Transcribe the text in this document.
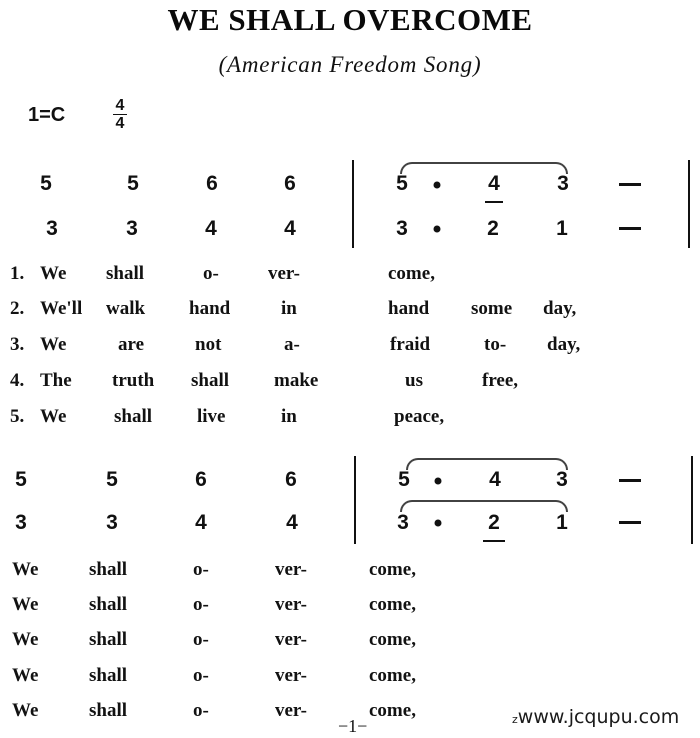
WE SHALL OVERCOME
(American Freedom Song)
1=C	$\frac{4}{4}$
5	5	6	6
3	3	4	4
5	4	3
3	2	1
1. We shall	o-	ver-	come,
2. We'll walk hand	in	hand some day,
3. We	are	not	a-	fraid	to- day,
4. The truth shall make	us	free,
5. We	shall live	in	peace,
5	5	6	6
3	3	4	4
5	4	3
3	2	1
We	shall	o-	ver-	come,
We	shall	o-	ver-	come,
We	shall	o-	ver-	come,
We	shall	o-	ver-	come,
We	shall	o-	ver-	come,
−1−	zwww.jcqupu.com
